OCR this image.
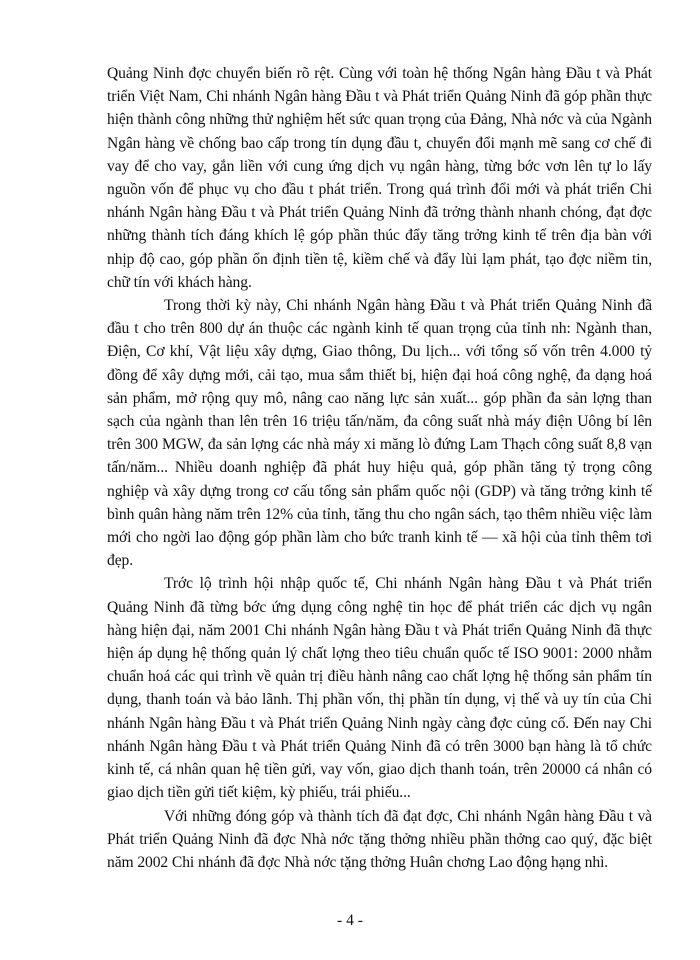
Quảng Ninh đợc chuyển biến rõ rệt. Cùng với toàn hệ thống Ngân hàng Đầu t và Phát triển Việt Nam, Chi nhánh Ngân hàng Đầu t và Phát triển Quảng Ninh đã góp phần thực hiện thành công những thử nghiệm hết sức quan trọng của Đảng, Nhà nớc và của Ngành Ngân hàng về chống bao cấp trong tín dụng đầu t, chuyển đổi mạnh mẽ sang cơ chế đi vay để cho vay, gắn liền với cung ứng dịch vụ ngân hàng, từng bớc vơn lên tự lo lấy nguồn vốn để phục vụ cho đầu t phát triển. Trong quá trình đổi mới và phát triển Chi nhánh Ngân hàng Đầu t và Phát triển Quảng Ninh đã trởng thành nhanh chóng, đạt đợc những thành tích đáng khích lệ góp phần thúc đẩy tăng trởng kinh tế trên địa bàn với nhịp độ cao, góp phần ổn định tiền tệ, kiềm chế và đẩy lùi lạm phát, tạo đợc niềm tin, chữ tín với khách hàng.

Trong thời kỳ này, Chi nhánh Ngân hàng Đầu t và Phát triển Quảng Ninh đã đầu t cho trên 800 dự án thuộc các ngành kinh tế quan trọng của tỉnh nh: Ngành than, Điện, Cơ khí, Vật liệu xây dựng, Giao thông, Du lịch... với tổng số vốn trên 4.000 tỷ đồng để xây dựng mới, cải tạo, mua sắm thiết bị, hiện đại hoá công nghệ, đa dạng hoá sản phẩm, mở rộng quy mô, nâng cao năng lực sản xuất... góp phần đa sản lợng than sạch của ngành than lên trên 16 triệu tấn/năm, đa công suất nhà máy điện Uông bí lên trên 300 MGW, đa sản lợng các nhà máy xi măng lò đứng Lam Thạch công suất 8,8 vạn tấn/năm... Nhiều doanh nghiệp đã phát huy hiệu quả, góp phần tăng tỷ trọng công nghiệp và xây dựng trong cơ cấu tổng sản phẩm quốc nội (GDP) và tăng trởng kinh tế bình quân hàng năm trên 12% của tỉnh, tăng thu cho ngân sách, tạo thêm nhiều việc làm mới cho ngời lao động góp phần làm cho bức tranh kinh tế — xã hội của tỉnh thêm tơi đẹp.

Trớc lộ trình hội nhập quốc tế, Chi nhánh Ngân hàng Đầu t và Phát triển Quảng Ninh đã từng bớc ứng dụng công nghệ tin học để phát triển các dịch vụ ngân hàng hiện đại, năm 2001 Chi nhánh Ngân hàng Đầu t và Phát triển Quảng Ninh đã thực hiện áp dụng hệ thống quản lý chất lợng theo tiêu chuẩn quốc tế ISO 9001: 2000 nhằm chuẩn hoá các qui trình về quản trị điều hành nâng cao chất lợng hệ thống sản phẩm tín dụng, thanh toán và bảo lãnh. Thị phần vốn, thị phần tín dụng, vị thế và uy tín của Chi nhánh Ngân hàng Đầu t và Phát triển Quảng Ninh ngày càng đợc củng cố. Đến nay Chi nhánh Ngân hàng Đầu t và Phát triển Quảng Ninh đã có trên 3000 bạn hàng là tổ chức kinh tế, cá nhân quan hệ tiền gửi, vay vốn, giao dịch thanh toán, trên 20000 cá nhân có giao dịch tiền gửi tiết kiệm, kỳ phiếu, trái phiếu...

Với những đóng góp và thành tích đã đạt đợc, Chi nhánh Ngân hàng Đầu t và Phát triển Quảng Ninh đã đợc Nhà nớc tặng thởng nhiều phần thởng cao quý, đặc biệt năm 2002 Chi nhánh đã đợc Nhà nớc tặng thởng Huân chơng Lao động hạng nhì.

- 4 -
